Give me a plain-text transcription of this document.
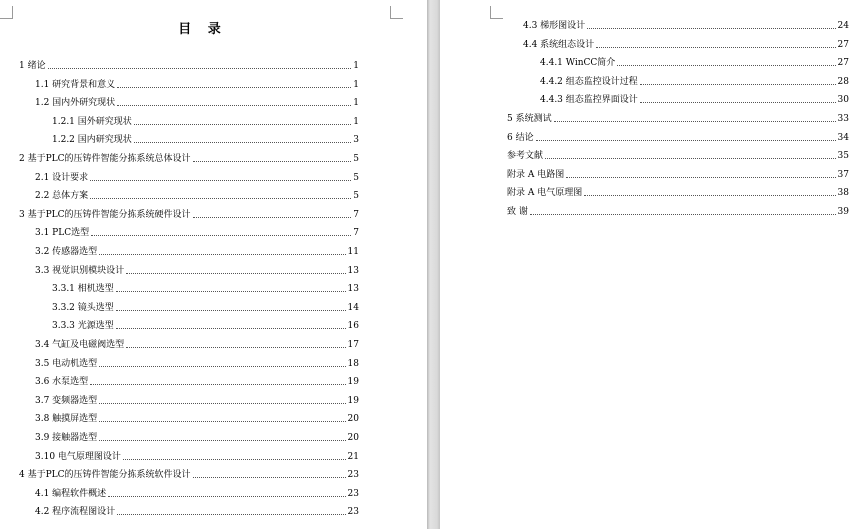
目 录
1 绪论	1
1.1 研究背景和意义	1
1.2 国内外研究现状	1
1.2.1 国外研究现状	1
1.2.2 国内研究现状	3
2 基于PLC的压铸件智能分拣系统总体设计	5
2.1 设计要求	5
2.2 总体方案	5
3 基于PLC的压铸件智能分拣系统硬件设计	7
3.1 PLC选型	7
3.2 传感器选型	11
3.3 视觉识别模块设计	13
3.3.1 相机选型	13
3.3.2 镜头选型	14
3.3.3 光源选型	16
3.4 气缸及电磁阀选型	17
3.5 电动机选型	18
3.6 水泵选型	19
3.7 变频器选型	19
3.8 触摸屏选型	20
3.9 接触器选型	20
3.10 电气原理图设计	21
4 基于PLC的压铸件智能分拣系统软件设计	23
4.1 编程软件概述	23
4.2 程序流程图设计	23
4.3 梯形图设计	24
4.4 系统组态设计	27
4.4.1 WinCC简介	27
4.4.2 组态监控设计过程	28
4.4.3 组态监控界面设计	30
5 系统测试	33
6 结论	34
参考文献	35
附录 A 电路图	37
附录 A 电气原理图	38
致 谢	39
